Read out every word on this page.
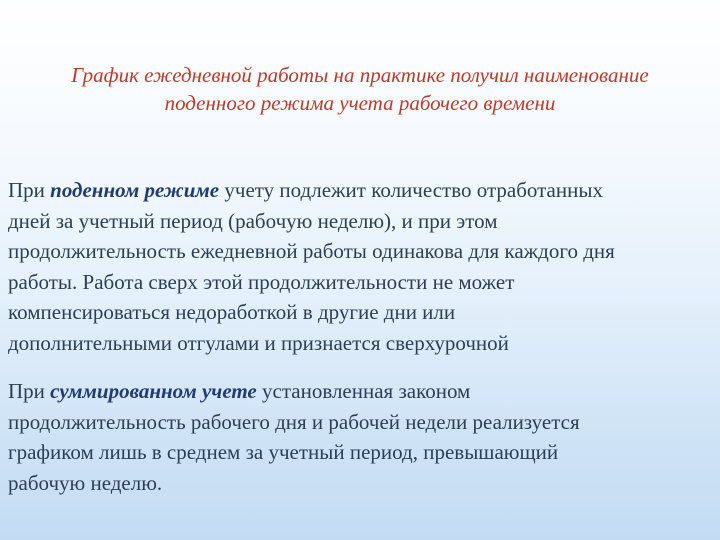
График ежедневной работы на практике получил наименование
поденного режима учета рабочего времени

При поденном режиме учету подлежит количество отработанных
дней за учетный период (рабочую неделю), и при этом
продолжительность ежедневной работы одинакова для каждого дня
работы. Работа сверх этой продолжительности не может
компенсироваться недоработкой в другие дни или
дополнительными отгулами и признается сверхурочной

При суммированном учете установленная законом
продолжительность рабочего дня и рабочей недели реализуется
графиком лишь в среднем за учетный период, превышающий
рабочую неделю.
